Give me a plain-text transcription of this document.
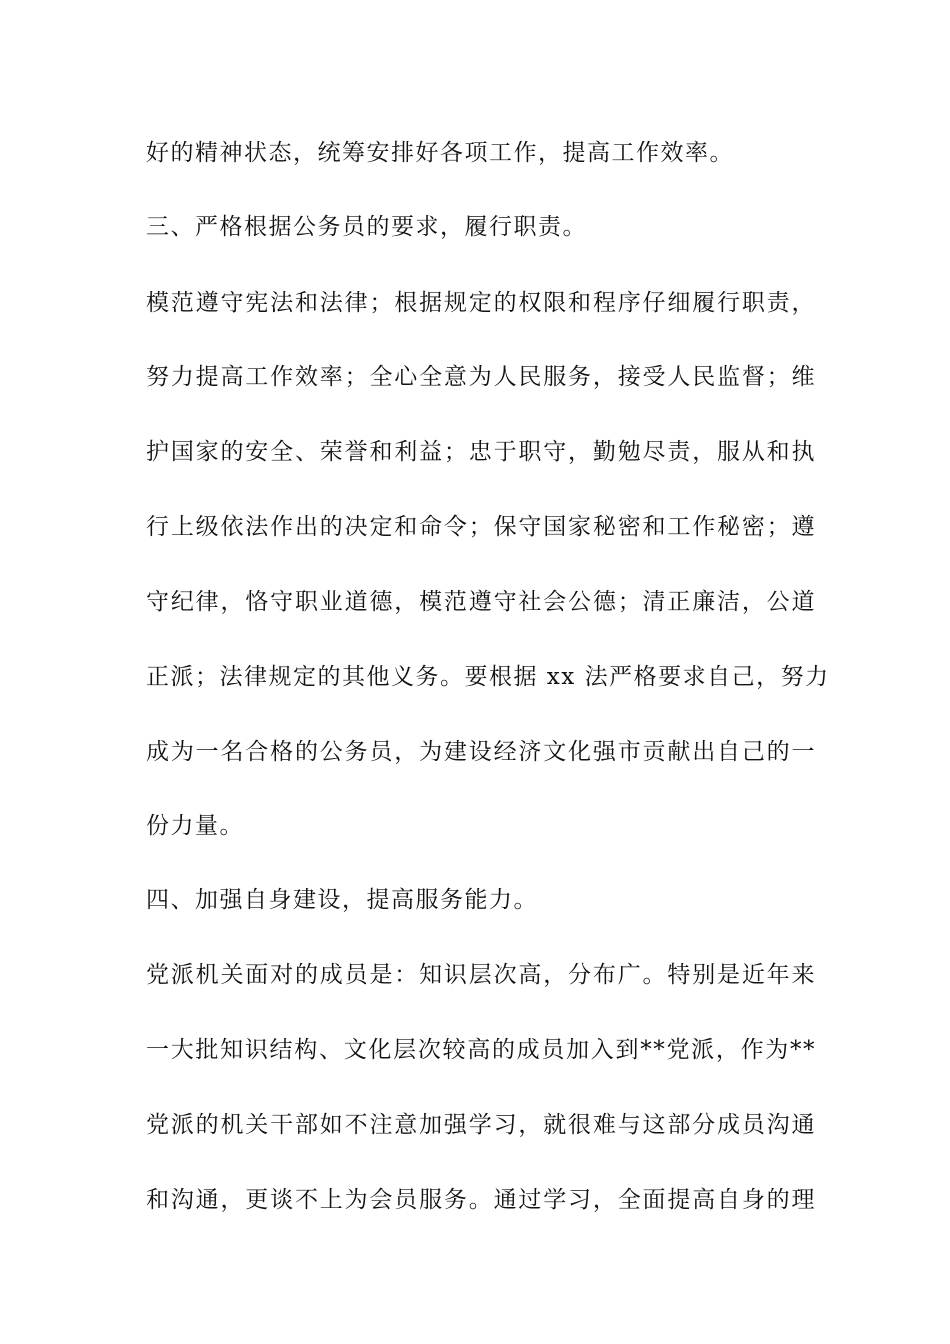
好的精神状态，统筹安排好各项工作，提高工作效率。
三、严格根据公务员的要求，履行职责。
模范遵守宪法和法律；根据规定的权限和程序仔细履行职责，
努力提高工作效率；全心全意为人民服务，接受人民监督；维
护国家的安全、荣誉和利益；忠于职守，勤勉尽责，服从和执
行上级依法作出的决定和命令；保守国家秘密和工作秘密；遵
守纪律，恪守职业道德，模范遵守社会公德；清正廉洁，公道
正派；法律规定的其他义务。要根据 xx 法严格要求自己，努力
成为一名合格的公务员，为建设经济文化强市贡献出自己的一
份力量。
四、加强自身建设，提高服务能力。
党派机关面对的成员是：知识层次高，分布广。特别是近年来
一大批知识结构、文化层次较高的成员加入到**党派，作为**
党派的机关干部如不注意加强学习，就很难与这部分成员沟通
和沟通，更谈不上为会员服务。通过学习，全面提高自身的理
